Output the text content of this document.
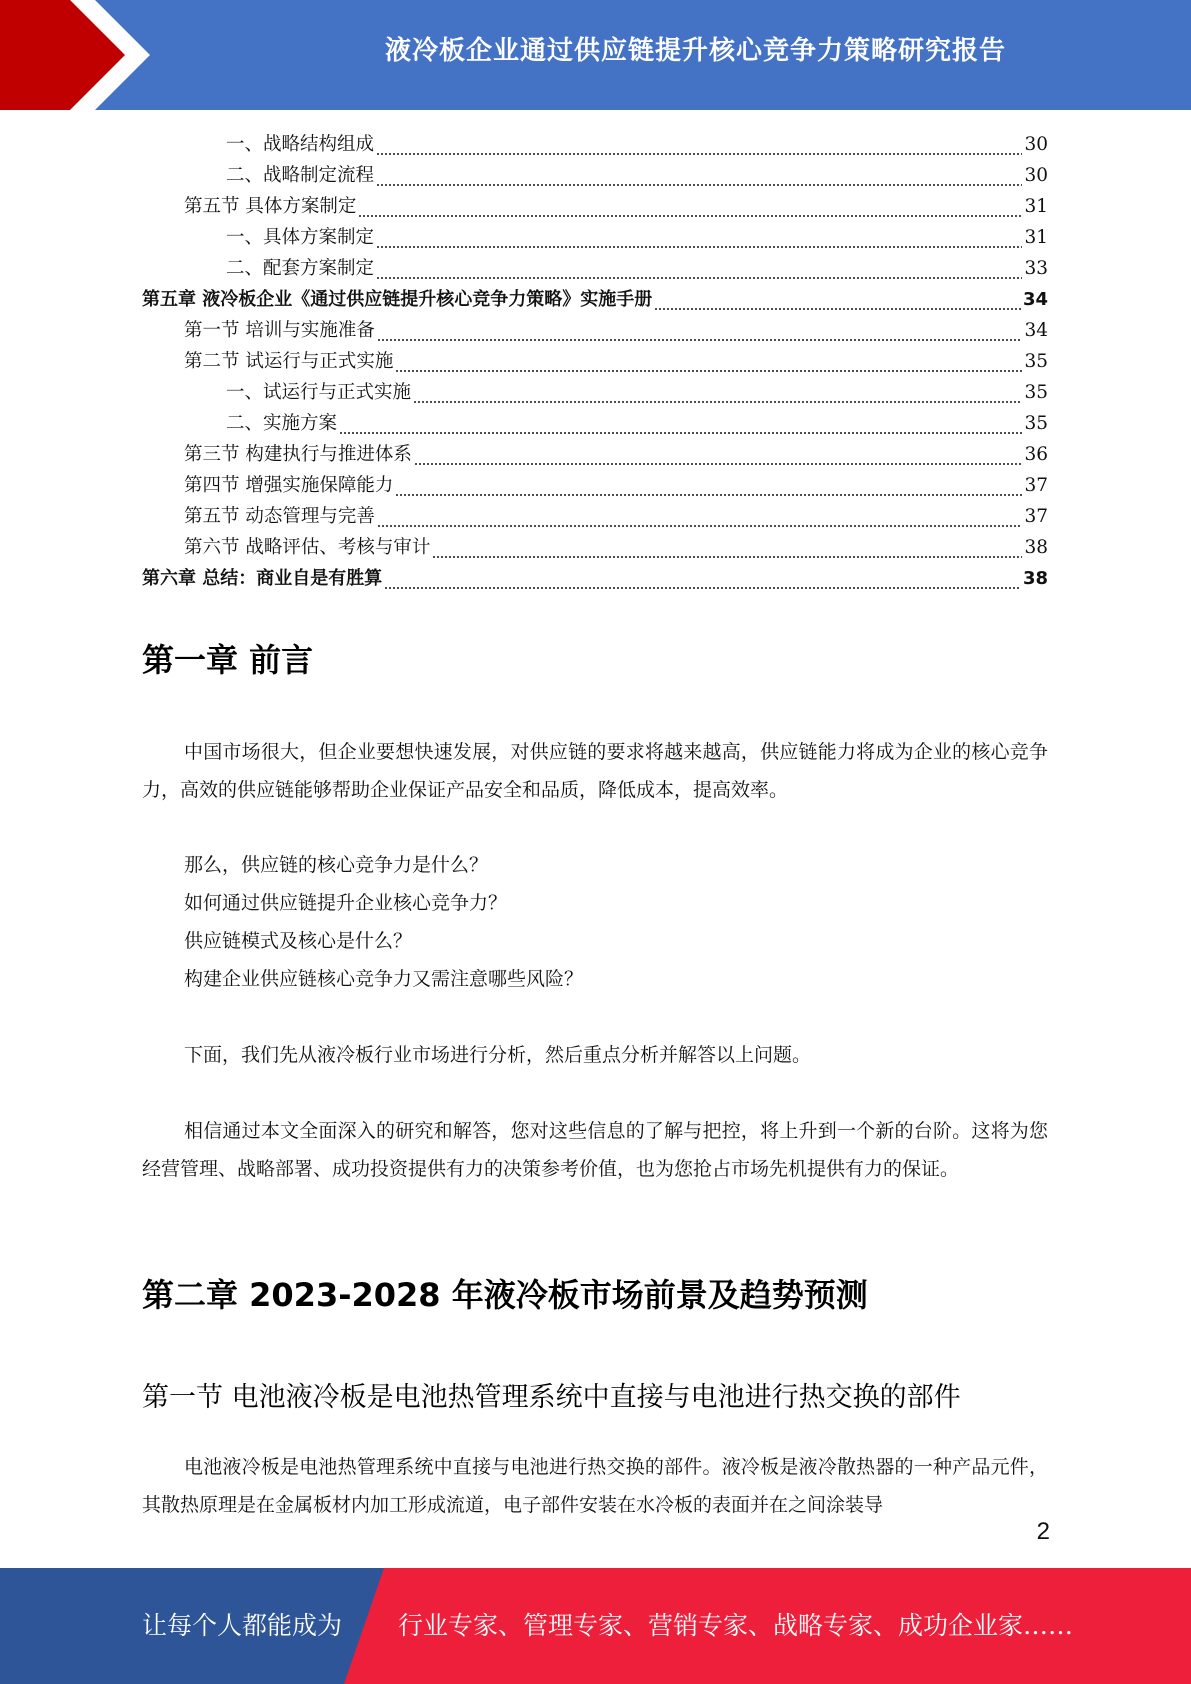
液冷板企业通过供应链提升核心竞争力策略研究报告
一、战略结构组成	30
二、战略制定流程	30
第五节 具体方案制定	31
一、具体方案制定	31
二、配套方案制定	33
第五章 液冷板企业《通过供应链提升核心竞争力策略》实施手册	34
第一节 培训与实施准备	34
第二节 试运行与正式实施	35
一、试运行与正式实施	35
二、实施方案	35
第三节 构建执行与推进体系	36
第四节 增强实施保障能力	37
第五节 动态管理与完善	37
第六节 战略评估、考核与审计	38
第六章 总结：商业自是有胜算	38
第一章 前言
中国市场很大，但企业要想快速发展，对供应链的要求将越来越高，供应链能力将成为企业的核心竞争力，高效的供应链能够帮助企业保证产品安全和品质，降低成本，提高效率。
那么，供应链的核心竞争力是什么？
如何通过供应链提升企业核心竞争力？
供应链模式及核心是什么？
构建企业供应链核心竞争力又需注意哪些风险？
下面，我们先从液冷板行业市场进行分析，然后重点分析并解答以上问题。
相信通过本文全面深入的研究和解答，您对这些信息的了解与把控，将上升到一个新的台阶。这将为您经营管理、战略部署、成功投资提供有力的决策参考价值，也为您抢占市场先机提供有力的保证。
第二章 2023-2028 年液冷板市场前景及趋势预测
第一节 电池液冷板是电池热管理系统中直接与电池进行热交换的部件
电池液冷板是电池热管理系统中直接与电池进行热交换的部件。液冷板是液冷散热器的一种产品元件，其散热原理是在金属板材内加工形成流道，电子部件安装在水冷板的表面并在之间涂装导
2
让每个人都能成为 行业专家、管理专家、营销专家、战略专家、成功企业家……
